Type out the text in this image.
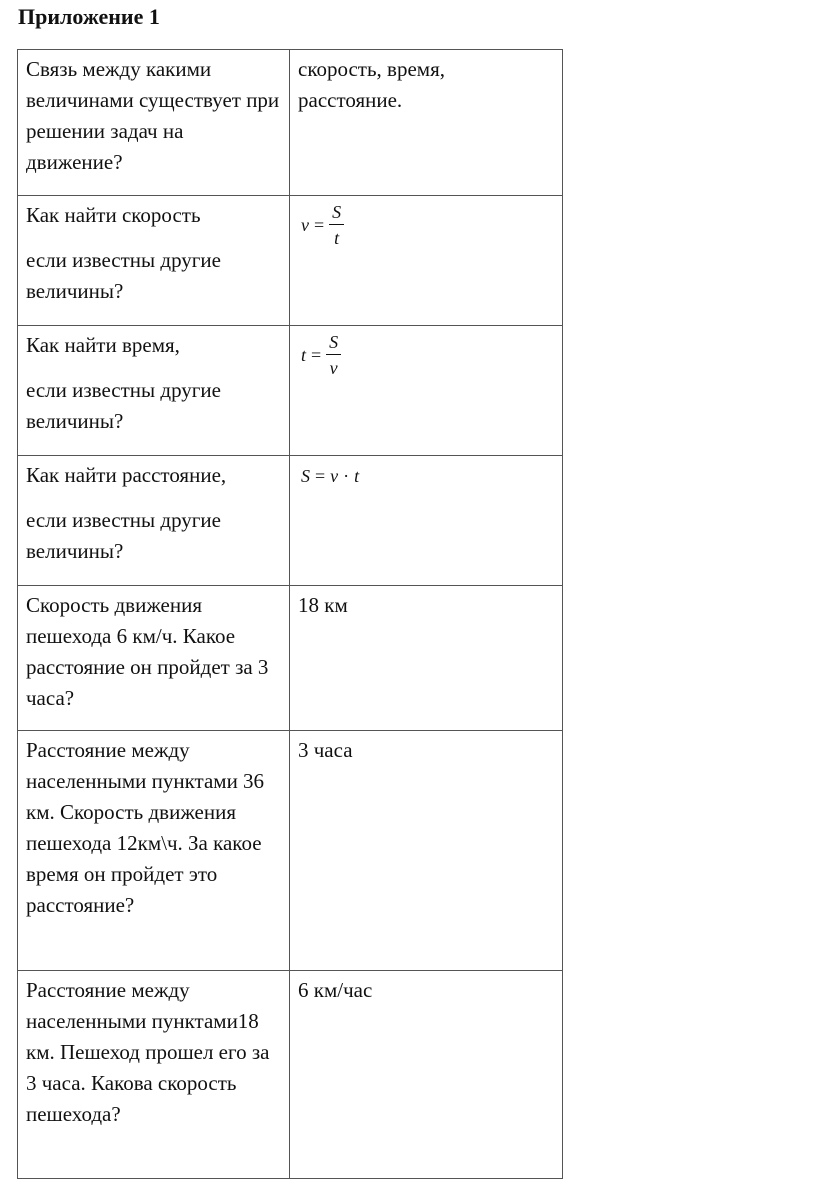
Приложение 1
Связь между какими величинами существует при решении задач на движение?	скорость, время, расстояние.
Как найти скорость
если известны другие величины?	$v = \frac{S}{t}$

Как найти время,
если известны другие величины?	$t = \frac{S}{v}$

Как найти расстояние,
если известны другие величины?	S = v · t

Скорость движения пешехода 6 км/ч. Какое расстояние он пройдет за 3 часа?	18 км
Расстояние между населенными пунктами 36 км. Скорость движения пешехода 12км\ч. За какое время он пройдет это расстояние?	3 часа
Расстояние между населенными пунктами18 км. Пешеход прошел его за 3 часа. Какова скорость пешехода?	6 км/час
